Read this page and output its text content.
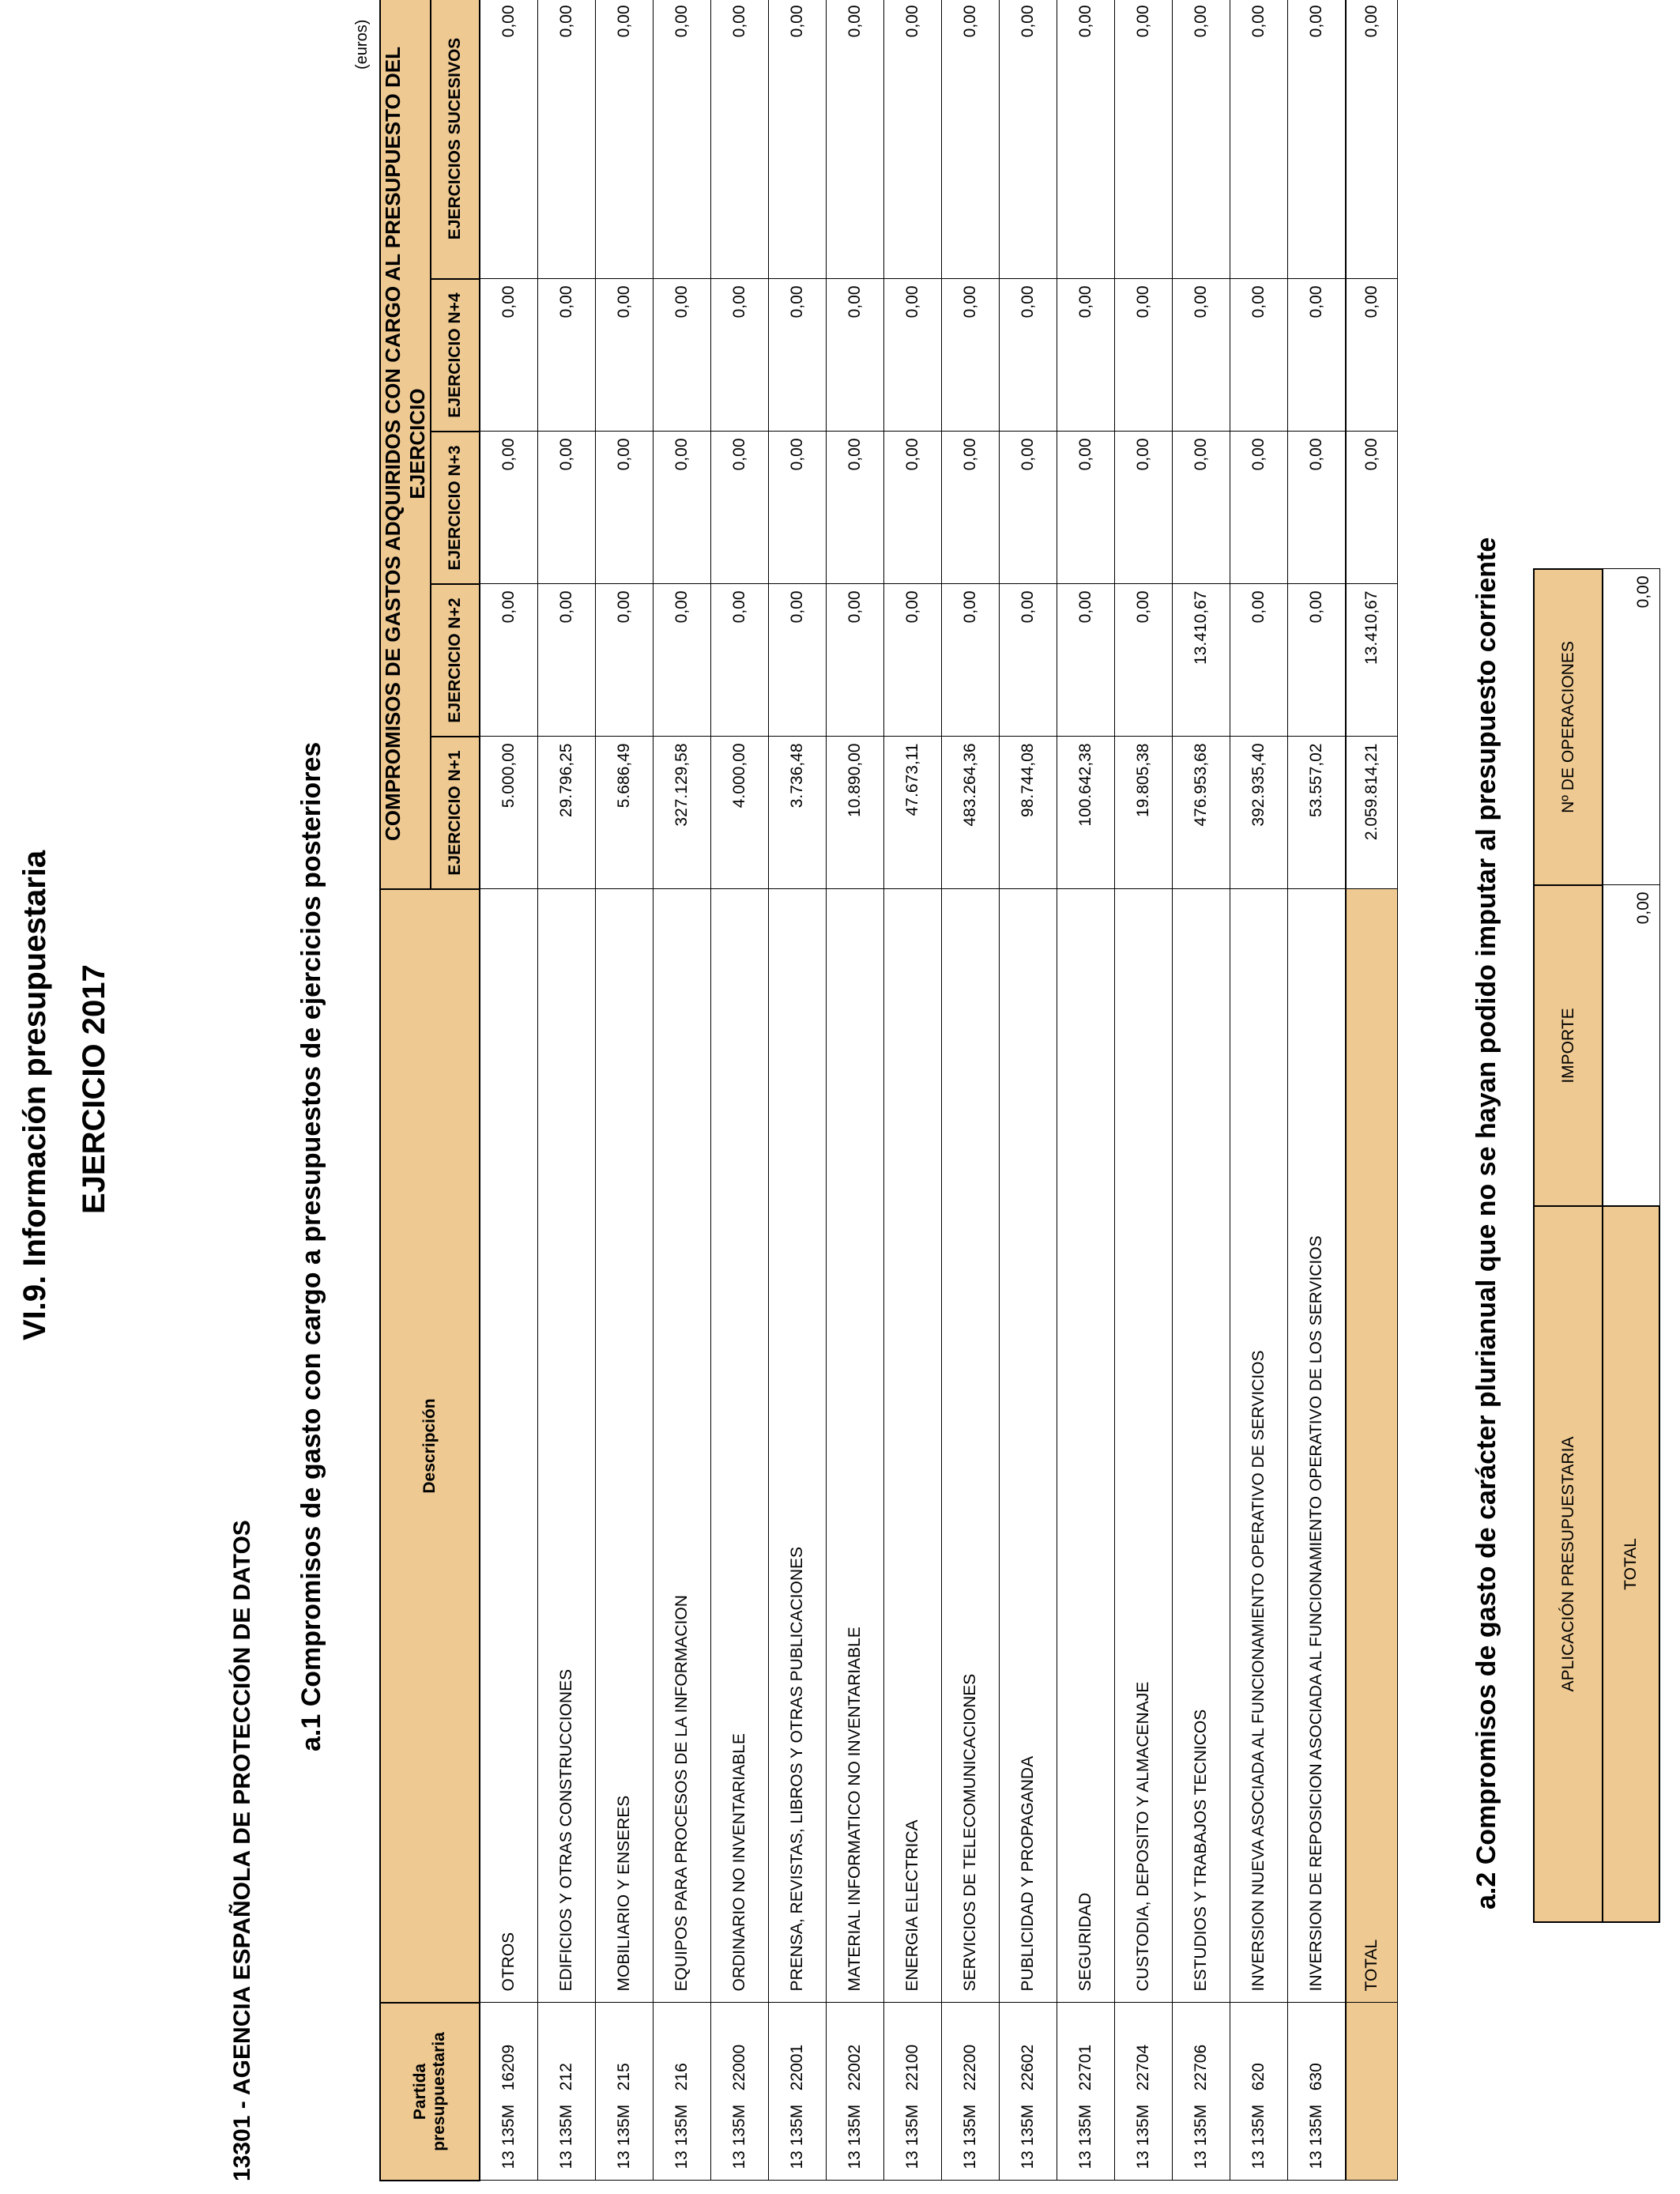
VI.9. Información presupuestaria EJERCICIO 2017
13301 - AGENCIA ESPAÑOLA DE PROTECCIÓN DE DATOS
a.1 Compromisos de gasto con cargo a presupuestos de ejercicios posteriores
(euros)
Partida presupuestaria	Descripción	COMPROMISOS DE GASTOS ADQUIRIDOS CON CARGO AL PRESUPUESTO DEL EJERCICIO				
		EJERCICIO N+1	EJERCICIO N+2	EJERCICIO N+3	EJERCICIO N+4	EJERCICIOS SUCESIVOS
13 135M   16209	OTROS	5.000,00	0,00	0,00	0,00	0,00
13 135M   212	EDIFICIOS Y OTRAS CONSTRUCCIONES	29.796,25	0,00	0,00	0,00	0,00
13 135M   215	MOBILIARIO Y ENSERES	5.686,49	0,00	0,00	0,00	0,00
13 135M   216	EQUIPOS PARA PROCESOS DE LA INFORMACION	327.129,58	0,00	0,00	0,00	0,00
13 135M   22000	ORDINARIO NO INVENTARIABLE	4.000,00	0,00	0,00	0,00	0,00
13 135M   22001	PRENSA, REVISTAS, LIBROS Y OTRAS PUBLICACIONES	3.736,48	0,00	0,00	0,00	0,00
13 135M   22002	MATERIAL INFORMATICO NO INVENTARIABLE	10.890,00	0,00	0,00	0,00	0,00
13 135M   22100	ENERGIA ELECTRICA	47.673,11	0,00	0,00	0,00	0,00
13 135M   22200	SERVICIOS DE TELECOMUNICACIONES	483.264,36	0,00	0,00	0,00	0,00
13 135M   22602	PUBLICIDAD Y PROPAGANDA	98.744,08	0,00	0,00	0,00	0,00
13 135M   22701	SEGURIDAD	100.642,38	0,00	0,00	0,00	0,00
13 135M   22704	CUSTODIA, DEPOSITO Y ALMACENAJE	19.805,38	0,00	0,00	0,00	0,00
13 135M   22706	ESTUDIOS Y TRABAJOS TECNICOS	476.953,68	13.410,67	0,00	0,00	0,00
13 135M   620	INVERSION NUEVA ASOCIADA AL FUNCIONAMIENTO OPERATIVO DE SERVICIOS	392.935,40	0,00	0,00	0,00	0,00
13 135M   630	INVERSION DE REPOSICION ASOCIADA AL FUNCIONAMIENTO OPERATIVO DE LOS SERVICIOS	53.557,02	0,00	0,00	0,00	0,00
	TOTAL	2.059.814,21	13.410,67	0,00	0,00	0,00
a.2 Compromisos de gasto de carácter plurianual que no se hayan podido imputar al presupuesto corriente	APLICACIÓN PRESUPUESTARIA	IMPORTE	Nº DE OPERACIONES
TOTAL	0,00	0,00
